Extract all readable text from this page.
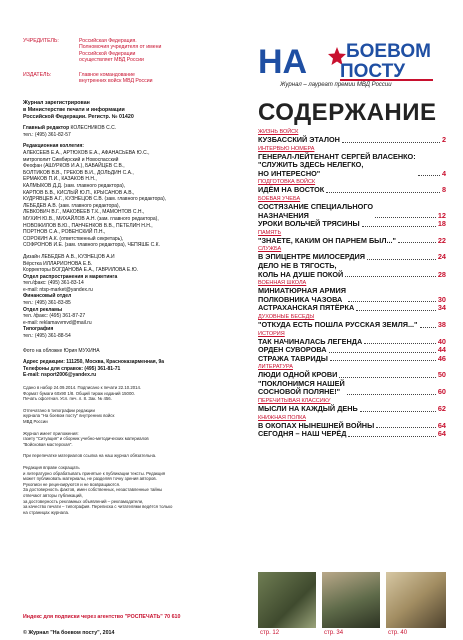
УЧРЕДИТЕЛЬ:	Российская Федерация.
Полномочия учредителя от имени
Российской Федерации
осуществляет МВД России
ИЗДАТЕЛЬ:	Главное командование
внутренних войск МВД России
Журнал зарегистрирован
в Министерстве печати и информации
Российской Федерации. Регистр. № 01420
Главный редактор КОЛЕСНИКОВ С.С.
тел.: (495) 361-82-57
Редакционная коллегия:
АЛЕКСЕЕВ Е.А., АРТЮХОВ Е.А., АФАНАСЬЕВА Ю.С.,
митрополит Симбирский и Новоспасский
Феофан (АШУРКОВ И.А.), БАБАЙЦЕВ С.В.,
БОЛТИКОВ В.В., ГРЕКОВ В.И., ДОЛЬДИН С.А.,
ЕРМАКОВ П.И., КАЗАКОВ Н.Н.,
КАЛМЫКОВ Д.Д. (зам. главного редактора),
КАРПОВ Б.В., КИСЛЫЙ Ю.П., КРЫСАНОВ А.В.,
КУДРЯВЦЕВ А.Г., КУЗНЕЦОВ С.В. (зам. главного редактора),
ЛЕБЕДЕВ А.В. (зам. главного редактора),
ЛЕВКОВИЧ В.Г., МАКОВЕЕВ Т.К., МАМОНТОВ С.Н.,
МУХИН Ю.В., МИХАЙЛОВ А.Н. (зам. главного редактора),
НОВОЖИЛОВ В.Ю., ПАНЧЕНКОВ В.В., ПЕТЕЛИН Н.Н.,
ПОРТНОВ С.А., РОВЕНСКИЙ П.Н.,
СОРОКИН А.К. (ответственный секретарь),
СОФРОНОВ И.Е. (зам. главного редактора), ЧЕПЯШЕ С.К.
Дизайн ЛЕБЕДЕВ А.В., КУЗНЕЦОВ А.И
Вёрстка ИЛЛАРИОНОВА Е.Б.
Корректоры БОГДАНОВА Е.А., ГАВРИЛОВА Е.Ю.
Отдел распространения и маркетинга
тел./факс: (495) 361-83-14
e-mail: ntsp-market@yandex.ru
Финансовый отдел
тел.: (495) 361-83-85
Отдел рекламы
тел. /факс: (495) 361-87-27
e-mail: reklamavvmvd@mail.ru
Типография
тел.: (495) 361-88-54
Фото на обложке Юрия МУХИНА
Адрес редакции: 111250, Москва, Красноказарменная, 9а
Телефоны для справок: (495) 361-81-71
E-mail: nsport2006@yandex.ru
Сдано в набор 24.09.2014. Подписано к печати 22.10.2014.
Формат бумаги 60х90 1/8. Общий тираж изданий 15000.
Печать офсетная. Усл. печ. л. 8. Зак. № 456.
Отпечатано в типографии редакции
журнала "На боевом посту" внутренних войск
МВД России
Журнал имеет приложения:
газету "Ситуация" и сборник учебно-методических материалов
"Войсковая мастерская".
При перепечатке материалов ссылка на наш журнал обязательна.
Редакция вправе сокращать
и литературно обрабатывать принятые к публикации тексты. Редакция
может публиковать материалы, не разделяя точку зрения авторов.
Рукописи не рецензируются и не возвращаются.
За достоверность фактов, имен собственных, незаставленные тайны
отвечают авторы публикаций,
за достоверность рекламных объявлений – рекламодатели,
за качество печати – типография. Переписка с читателями ведётся только
на страницах журнала.
Индекс для подписки через агентство "РОСПЕЧАТЬ" 70 610
© Журнал "На боевом посту", 2014
НА БОЕВОМ
ПОСТУ
Журнал – лауреат премии МВД России
СОДЕРЖАНИЕ
ЖИЗНЬ ВОЙСК
КУЗБАССКИЙ ЭТАЛОН	2
ИНТЕРВЬЮ НОМЕРА
ГЕНЕРАЛ-ЛЕЙТЕНАНТ СЕРГЕЙ ВЛАСЕНКО:
"СЛУЖИТЬ ЗДЕСЬ НЕЛЕГКО,
НО ИНТЕРЕСНО"	4
ПОДГОТОВКА ВОЙСК
ИДЁМ НА ВОСТОК	8
БОЕВАЯ УЧЕБА
СОСТЯЗАНИЕ СПЕЦИАЛЬНОГО
НАЗНАЧЕНИЯ	12
УРОКИ ВОЛЬЧЕЙ ТРЯСИНЫ	18
ПАМЯТЬ
"ЗНАЕТЕ, КАКИМ ОН ПАРНЕМ БЫЛ..."	22
СЛУЖБА
В ЭПИЦЕНТРЕ МИЛОСЕРДИЯ	24
ДЕЛО НЕ В ТЯГОСТЬ,
КОЛЬ НА ДУШЕ ПОКОЙ	28
ВОЕННАЯ ШКОЛА
МИНИАТЮРНАЯ АРМИЯ
ПОЛКОВНИКА ЧАЗОВА	30
АСТРАХАНСКАЯ ПЯТЁРКА	34
ДУХОВНЫЕ БЕСЕДЫ
"ОТКУДА ЕСТЬ ПОШЛА РУССКАЯ ЗЕМЛЯ..."	38
ИСТОРИЯ
ТАК НАЧИНАЛАСЬ ЛЕГЕНДА	40
ОРДЕН СУВОРОВА	44
СТРАЖА ТАВРИДЫ	46
ЛИТЕРАТУРА
ЛЮДИ ОДНОЙ КРОВИ	50
"ПОКЛОНИМСЯ НАШЕЙ
СОСНОВОЙ ПОЛЯНЕ!"	60
ПЕРЕЧИТЫВАЯ КЛАССИКУ
МЫСЛИ НА КАЖДЫЙ ДЕНЬ	62
КНИЖНАЯ ПОЛКА
В ОКОПАХ НЫНЕШНЕЙ ВОЙНЫ	64
СЕГОДНЯ – НАШ ЧЕРЁД	64
стр. 12	стр. 34	стр. 40
